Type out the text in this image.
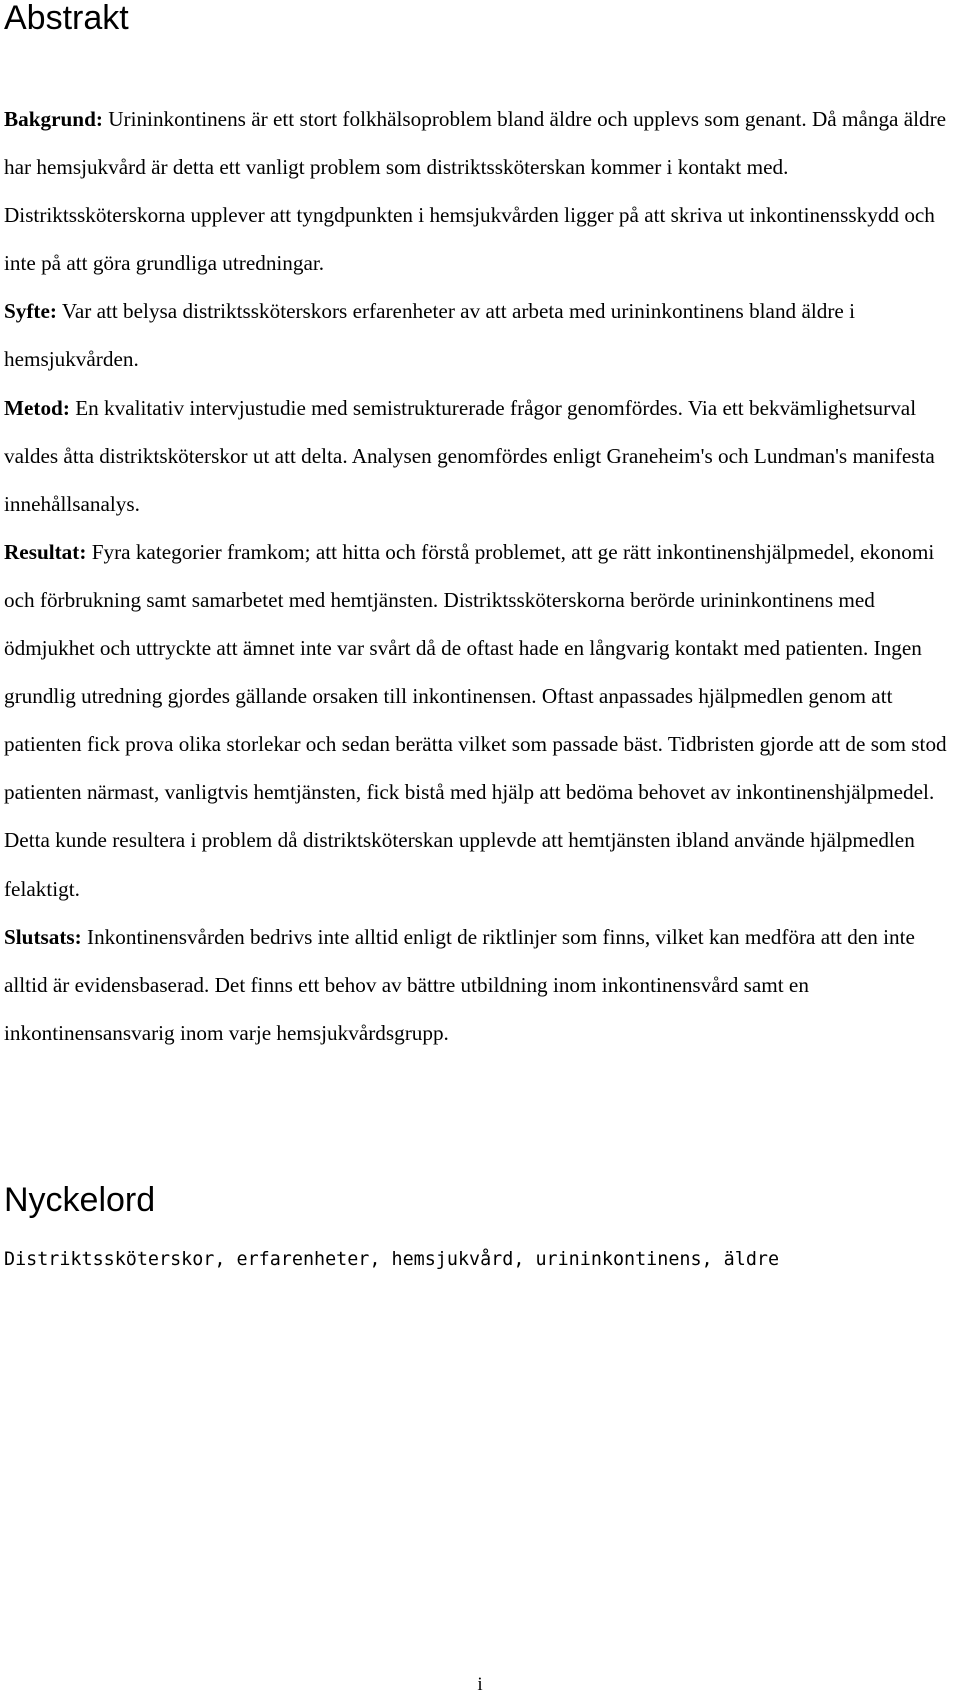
Abstrakt

Bakgrund: Urininkontinens är ett stort folkhälsoproblem bland äldre och upplevs som genant. Då många äldre har hemsjukvård är detta ett vanligt problem som distriktssköterskan kommer i kontakt med. Distriktssköterskorna upplever att tyngdpunkten i hemsjukvården ligger på att skriva ut inkontinensskydd och inte på att göra grundliga utredningar.

Syfte: Var att belysa distriktssköterskors erfarenheter av att arbeta med urininkontinens bland äldre i hemsjukvården.

Metod: En kvalitativ intervjustudie med semistrukturerade frågor genomfördes. Via ett bekvämlighetsurval valdes åtta distriktsköterskor ut att delta. Analysen genomfördes enligt Graneheim's och Lundman's manifesta innehållsanalys.

Resultat: Fyra kategorier framkom; att hitta och förstå problemet, att ge rätt inkontinenshjälpmedel, ekonomi och förbrukning samt samarbetet med hemtjänsten. Distriktssköterskorna berörde urininkontinens med ödmjukhet och uttryckte att ämnet inte var svårt då de oftast hade en långvarig kontakt med patienten. Ingen grundlig utredning gjordes gällande orsaken till inkontinensen. Oftast anpassades hjälpmedlen genom att patienten fick prova olika storlekar och sedan berätta vilket som passade bäst. Tidbristen gjorde att de som stod patienten närmast, vanligtvis hemtjänsten, fick bistå med hjälp att bedöma behovet av inkontinenshjälpmedel. Detta kunde resultera i problem då distriktsköterskan upplevde att hemtjänsten ibland använde hjälpmedlen felaktigt.

Slutsats: Inkontinensvården bedrivs inte alltid enligt de riktlinjer som finns, vilket kan medföra att den inte alltid är evidensbaserad. Det finns ett behov av bättre utbildning inom inkontinensvård samt en inkontinensansvarig inom varje hemsjukvårdsgrupp.

Nyckelord

Distriktssköterskor, erfarenheter, hemsjukvård, urininkontinens, äldre

i
